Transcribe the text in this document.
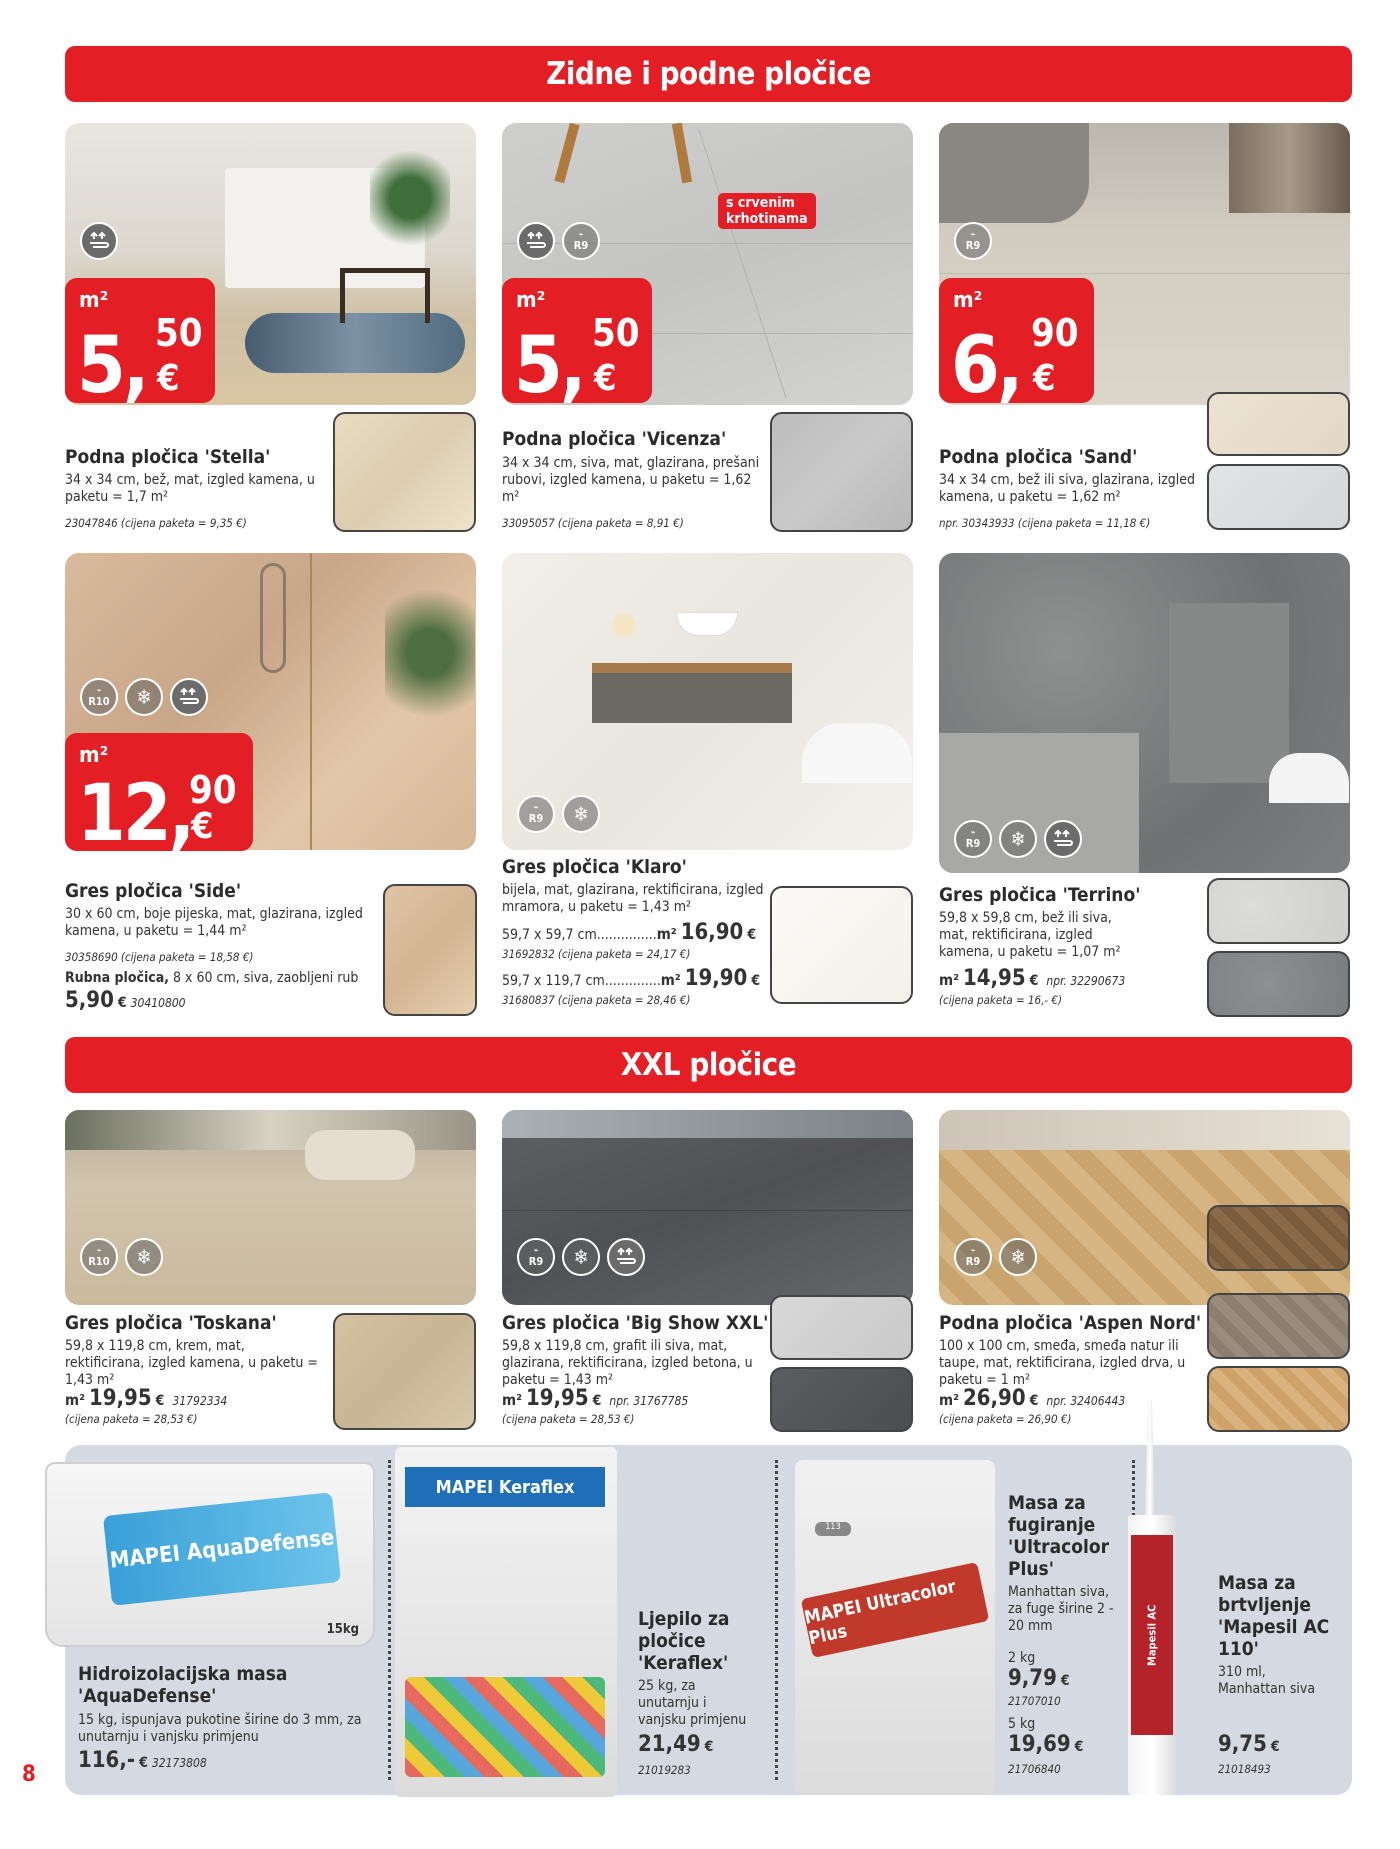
Zidne i podne pločice
m²
5, 50
€
Podna pločica 'Stella'
34 x 34 cm, bež, mat, izgled kamena, u paketu = 1,7 m²
23047846 (cijena paketa = 9,35 €)
s crvenim krhotinama
⌁
R9
m²
5, 50
€
Podna pločica 'Vicenza'
34 x 34 cm, siva, mat, glazirana, prešani rubovi, izgled kamena, u paketu = 1,62 m²
33095057 (cijena paketa = 8,91 €)
⌁
R9
m²
6, 90
€
Podna pločica 'Sand'
34 x 34 cm, bež ili siva, glazirana, izgled kamena, u paketu = 1,62 m²
npr. 30343933 (cijena paketa = 11,18 €)
⌁
R10 ❄
m²
12,
90
€
Gres pločica 'Side'
30 x 60 cm, boje pijeska, mat, glazirana, izgled kamena, u paketu = 1,44 m²
30358690 (cijena paketa = 18,58 €)
Rubna pločica, 8 x 60 cm, siva, zaobljeni rub
5,90 € 30410800
⌁
R9 ❄
Gres pločica 'Klaro'
bijela, mat, glazirana, rektificirana, izgled mramora, u paketu = 1,43 m²
59,7 x 59,7 cm...............m² 16,90 €
31692832 (cijena paketa = 24,17 €)
59,7 x 119,7 cm..............m² 19,90 €
31680837 (cijena paketa = 28,46 €)
⌁
R9 ❄
Gres pločica 'Terrino'
59,8 x 59,8 cm, bež ili siva, mat, rektificirana, izgled kamena, u paketu = 1,07 m²
m² 14,95 € npr. 32290673
(cijena paketa = 16,- €)
XXL pločice
⌁
R10 ❄
Gres pločica 'Toskana'
59,8 x 119,8 cm, krem, mat, rektificirana, izgled kamena, u paketu = 1,43 m²
m² 19,95 € 31792334
(cijena paketa = 28,53 €)
⌁
R9 ❄
Gres pločica 'Big Show XXL'
59,8 x 119,8 cm, grafit ili siva, mat, glazirana, rektificirana, izgled betona, u paketu = 1,43 m²
m² 19,95 € npr. 31767785
(cijena paketa = 28,53 €)
⌁
R9 ❄
Podna pločica 'Aspen Nord'
100 x 100 cm, smeđa, smeđa natur ili taupe, mat, rektificirana, izgled drva, u paketu = 1 m²
m² 26,90 € npr. 32406443
(cijena paketa = 26,90 €)
MAPEI AquaDefense
15kg
Hidroizolacijska masa 'AquaDefense'
15 kg, ispunjava pukotine širine do 3 mm, za unutarnju i vanjsku primjenu
116,- € 32173808
MAPEI Keraflex
Ljepilo za pločice 'Keraflex'
25 kg, za unutarnju i vanjsku primjenu
21,49 €
21019283
113
MAPEI Ultracolor Plus
Masa za fugiranje 'Ultracolor Plus'
Manhattan siva, za fuge širine 2 - 20 mm
2 kg
9,79 €
21707010
5 kg
19,69 €
21706840
Mapesil AC
Masa za brtvljenje 'Mapesil AC 110'
310 ml, Manhattan siva
9,75 €
21018493
8
